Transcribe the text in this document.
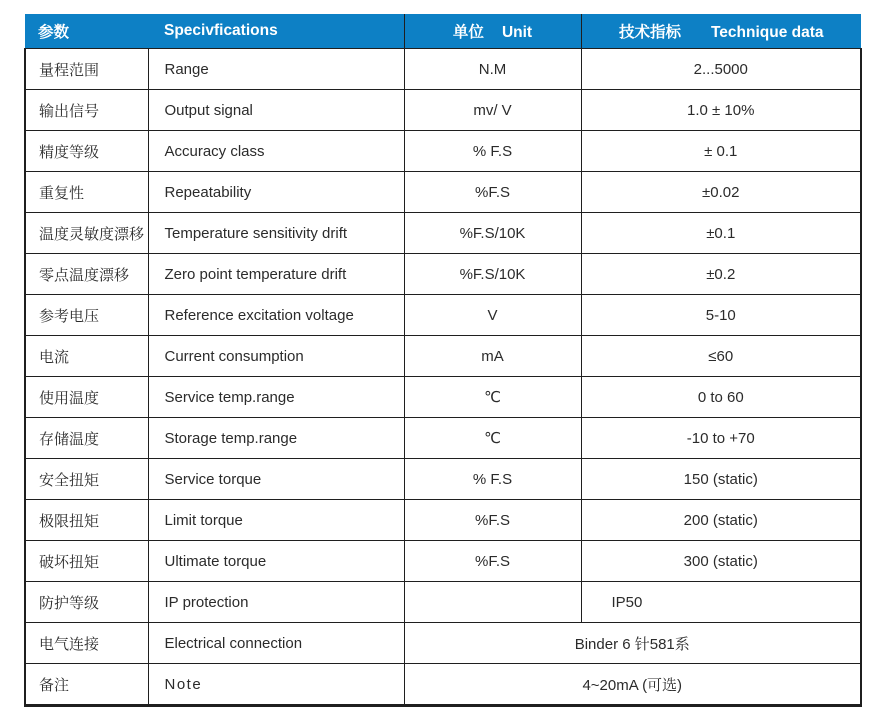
参数	Specivfications	单位 Unit	技术指标 Technique data
量程范围	Range	N.M	2...5000
输出信号	Output signal	mv/ V	1.0 ± 10%
精度等级	Accuracy class	% F.S	± 0.1
重复性	Repeatability	%F.S	±0.02
温度灵敏度漂移	Temperature sensitivity drift	%F.S/10K	±0.1
零点温度漂移	Zero point temperature drift	%F.S/10K	±0.2
参考电压	Reference excitation voltage	V	5-10
电流	Current consumption	mA	≤60
使用温度	Service temp.range	℃	0 to 60
存储温度	Storage temp.range	℃	-10 to +70
安全扭矩	Service torque	% F.S	150 (static)
极限扭矩	Limit torque	%F.S	200 (static)
破坏扭矩	Ultimate torque	%F.S	300 (static)
防护等级	IP protection		IP50
电气连接	Electrical connection	Binder 6 针581系	
备注	Note	4~20mA (可选)	
